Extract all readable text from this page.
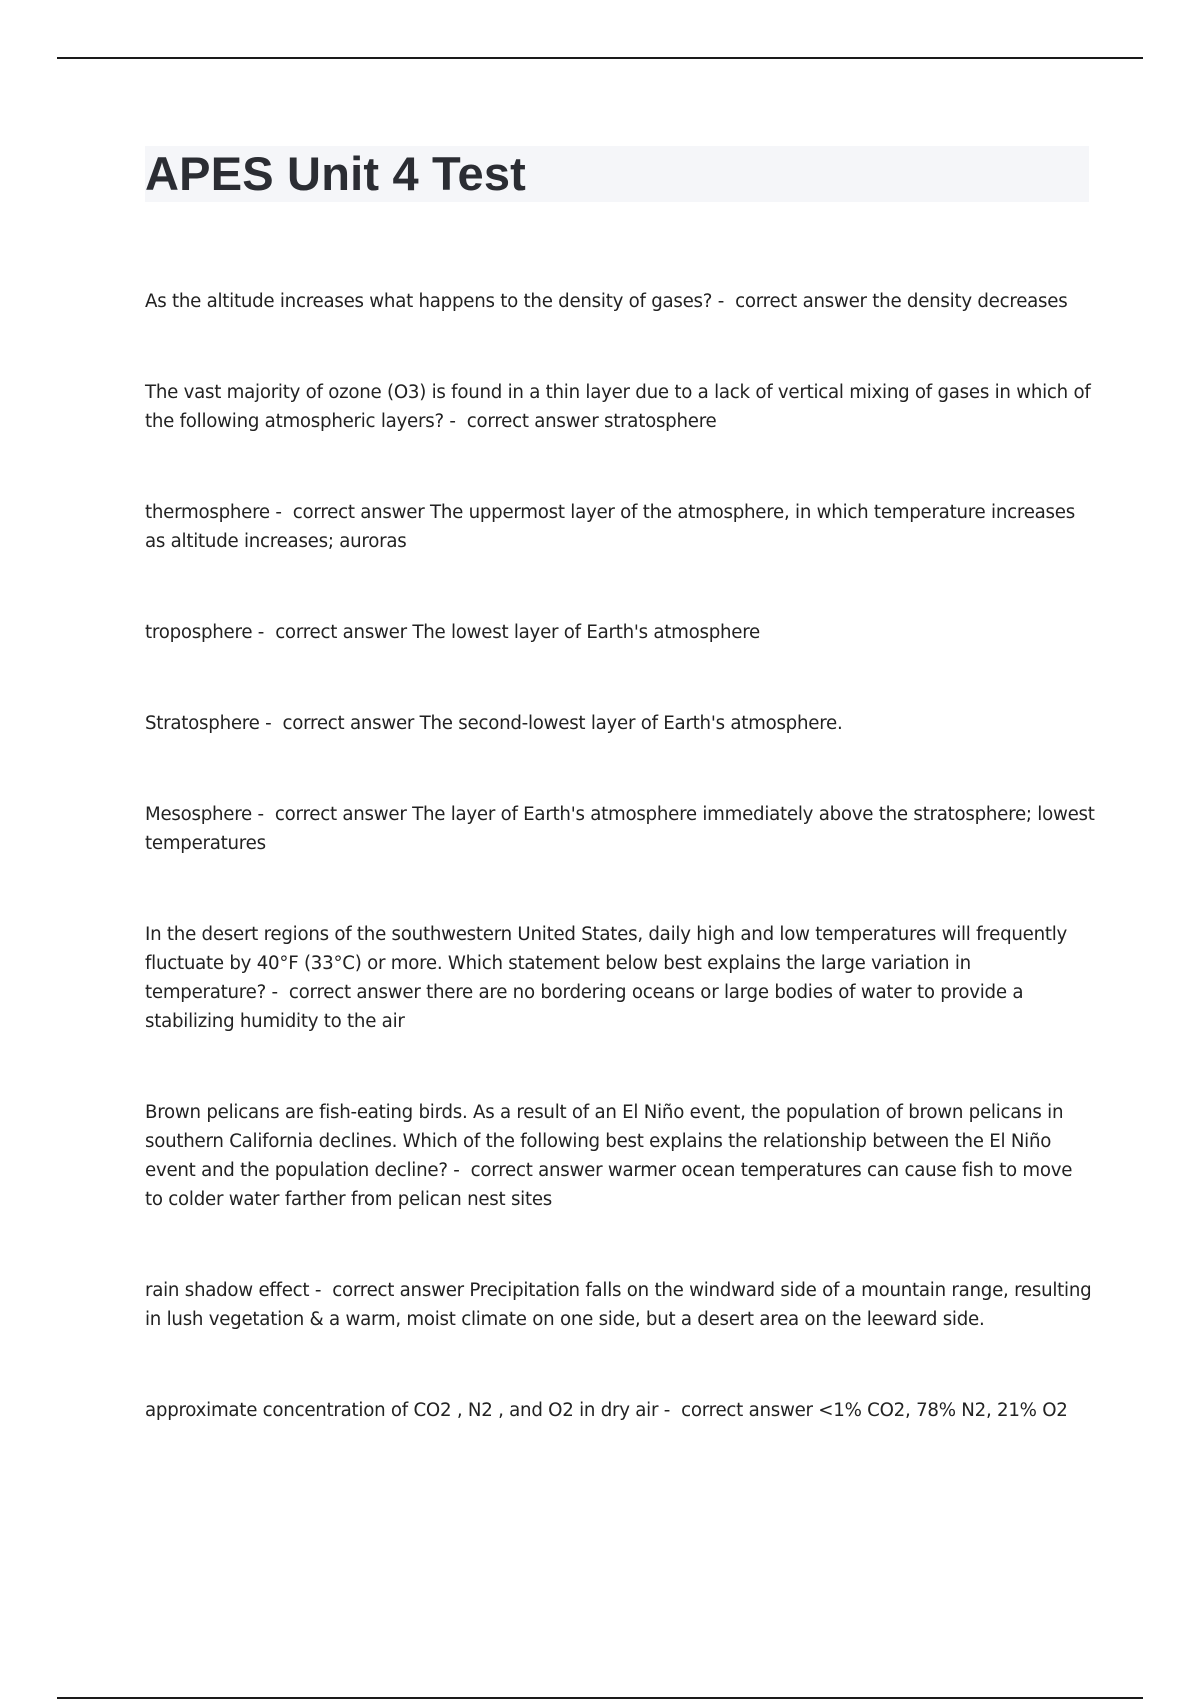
APES Unit 4 Test

As the altitude increases what happens to the density of gases? -  correct answer the density decreases

The vast majority of ozone (O3) is found in a thin layer due to a lack of vertical mixing of gases in which of the following atmospheric layers? -  correct answer stratosphere

thermosphere -  correct answer The uppermost layer of the atmosphere, in which temperature increases as altitude increases; auroras

troposphere -  correct answer The lowest layer of Earth's atmosphere

Stratosphere -  correct answer The second-lowest layer of Earth's atmosphere.

Mesosphere -  correct answer The layer of Earth's atmosphere immediately above the stratosphere; lowest temperatures

In the desert regions of the southwestern United States, daily high and low temperatures will frequently fluctuate by 40°F (33°C) or more. Which statement below best explains the large variation in temperature? -  correct answer there are no bordering oceans or large bodies of water to provide a stabilizing humidity to the air

Brown pelicans are fish-eating birds. As a result of an El Niño event, the population of brown pelicans in southern California declines. Which of the following best explains the relationship between the El Niño event and the population decline? -  correct answer warmer ocean temperatures can cause fish to move to colder water farther from pelican nest sites

rain shadow effect -  correct answer Precipitation falls on the windward side of a mountain range, resulting in lush vegetation & a warm, moist climate on one side, but a desert area on the leeward side.

approximate concentration of CO2 , N2 , and O2 in dry air -  correct answer <1% CO2, 78% N2, 21% O2
